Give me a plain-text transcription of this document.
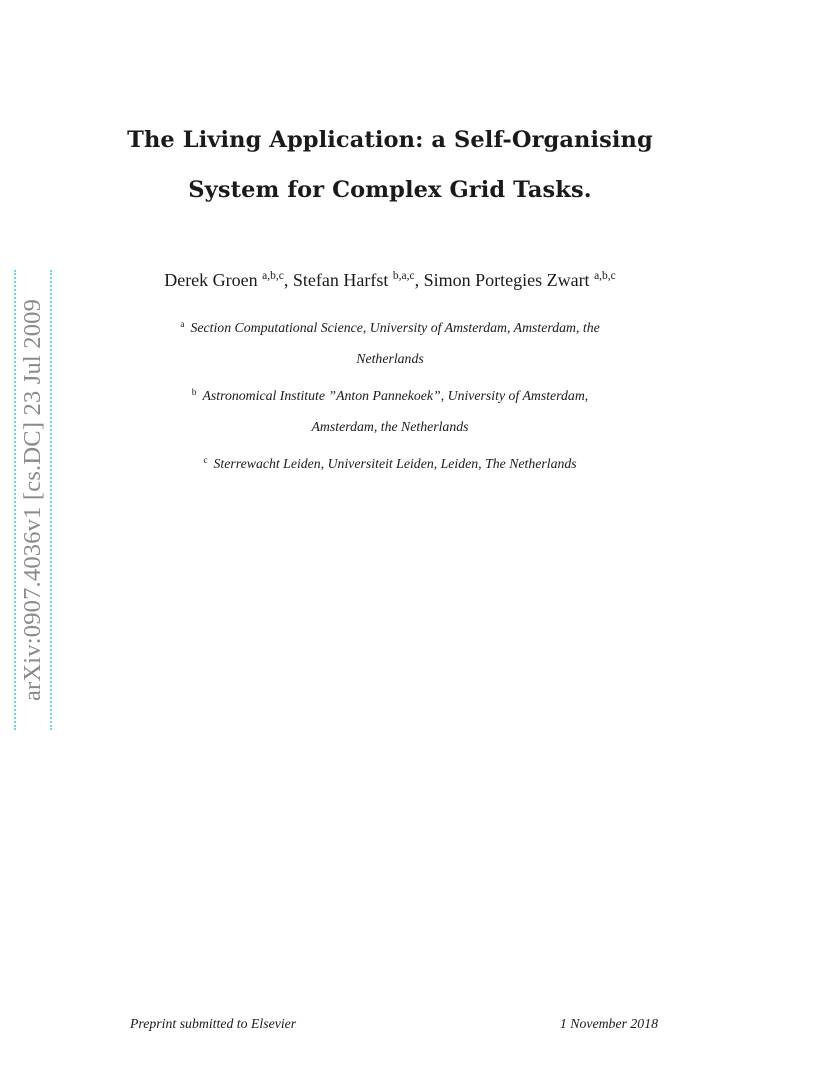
arXiv:0907.4036v1 [cs.DC] 23 Jul 2009
The Living Application: a Self-Organising
System for Complex Grid Tasks.
Derek Groen $^{a,b,c}$, Stefan Harfst $^{b,a,c}$, Simon Portegies Zwart $^{a,b,c}$
$^a$ Section Computational Science, University of Amsterdam, Amsterdam, the
Netherlands
$^b$ Astronomical Institute ”Anton Pannekoek”, University of Amsterdam,
Amsterdam, the Netherlands
$^c$ Sterrewacht Leiden, Universiteit Leiden, Leiden, The Netherlands
Preprint submitted to Elsevier	1 November 2018
